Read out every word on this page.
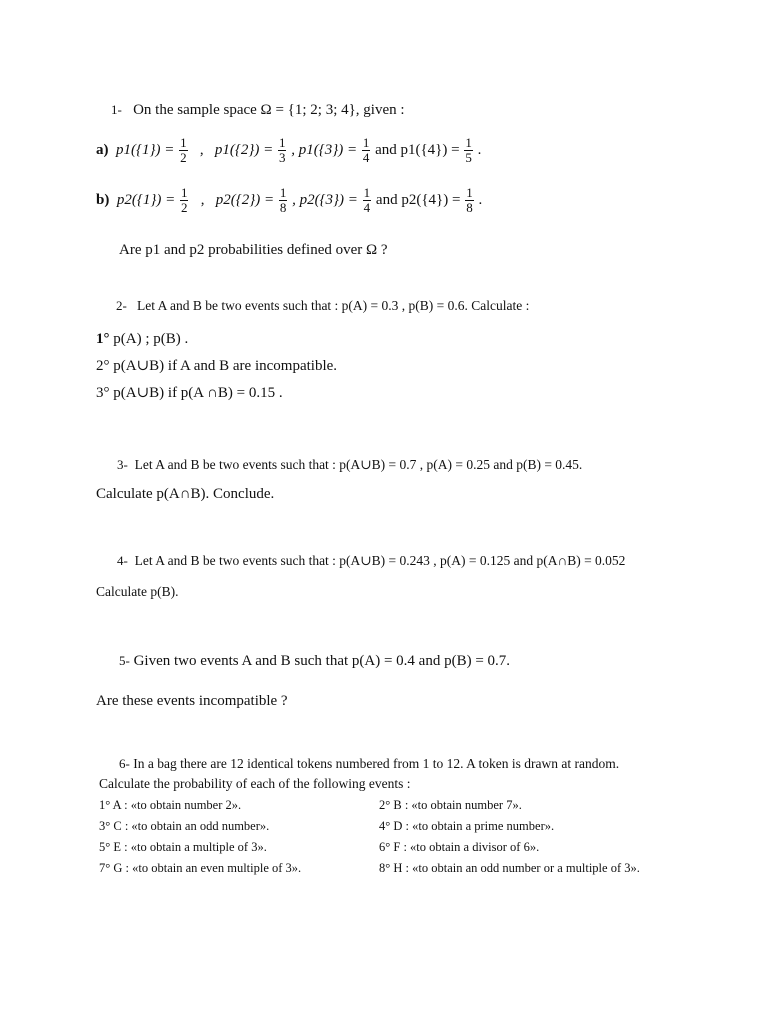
1- On the sample space Ω = {1; 2; 3; 4}, given :
a) $p1(\{1\}) = \frac{1}{2}$ , $p1(\{2\}) = \frac{1}{3}$ , $p1(\{3\}) = \frac{1}{4}$ and $p1(\{4\}) = \frac{1}{5}$ .
b) $p2(\{1\}) = \frac{1}{2}$ , $p2(\{2\}) = \frac{1}{8}$ , $p2(\{3\}) = \frac{1}{4}$ and $p2(\{4\}) = \frac{1}{8}$ .
Are p1 and p2 probabilities defined over Ω ?
2- Let A and B be two events such that : p(A) = 0.3 , p(B) = 0.6. Calculate :
1° p(A) ; p(B) .
2° p(A∪B) if A and B are incompatible.
3° p(A∪B) if p(A ∩B) = 0.15 .
3- Let A and B be two events such that : p(A∪B) = 0.7 , p(A) = 0.25 and p(B) = 0.45.
Calculate p(A∩B). Conclude.
4- Let A and B be two events such that : p(A∪B) = 0.243 , p(A) = 0.125 and p(A∩B) = 0.052
Calculate p(B).
5- Given two events A and B such that p(A) = 0.4 and p(B) = 0.7.
Are these events incompatible ?
6- In a bag there are 12 identical tokens numbered from 1 to 12. A token is drawn at random.
Calculate the probability of each of the following events :
1° A : «to obtain number 2».	2° B : «to obtain number 7».
3° C : «to obtain an odd number».	4° D : «to obtain a prime number».
5° E : «to obtain a multiple of 3».	6° F : «to obtain a divisor of 6».
7° G : «to obtain an even multiple of 3».	8° H : «to obtain an odd number or a multiple of 3».
